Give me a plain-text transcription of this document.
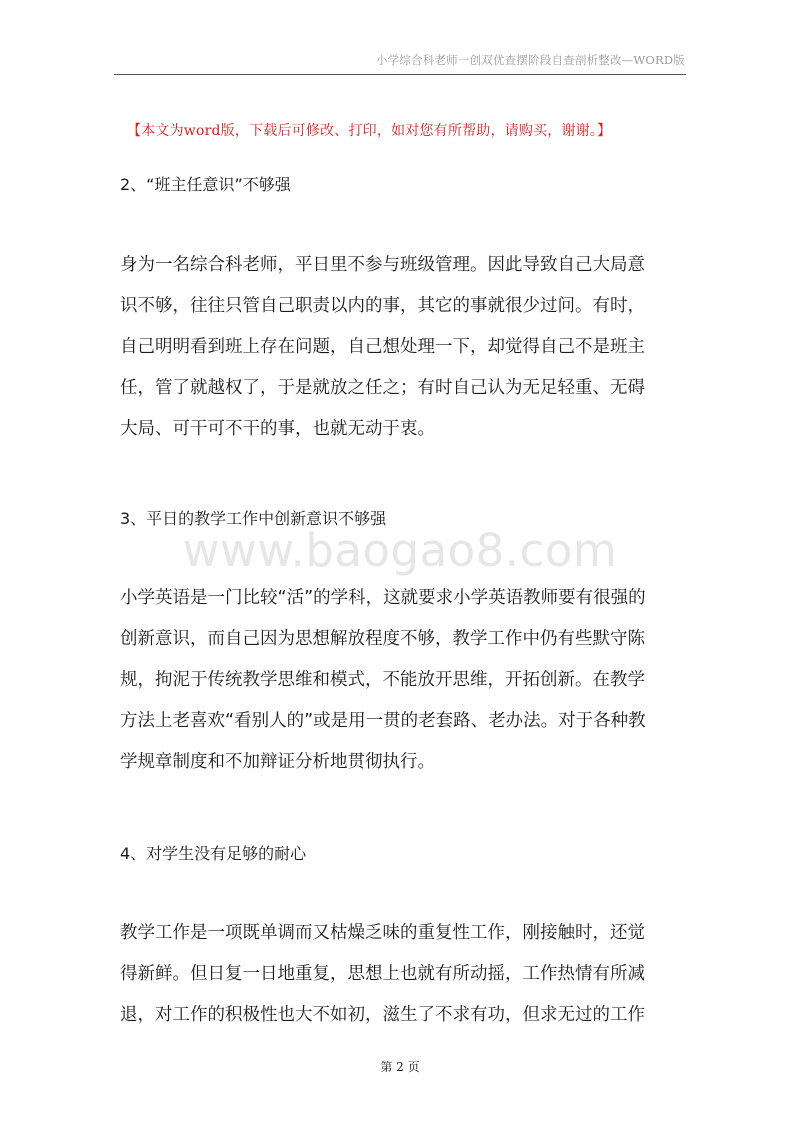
小学综合科老师一创双优查摆阶段自查剖析整改—WORD版
【本文为word版，下载后可修改、打印，如对您有所帮助，请购买，谢谢。】
2、“班主任意识”不够强
身为一名综合科老师，平日里不参与班级管理。因此导致自己大局意
识不够，往往只管自己职责以内的事，其它的事就很少过问。有时，
自己明明看到班上存在问题，自己想处理一下，却觉得自己不是班主
任，管了就越权了，于是就放之任之；有时自己认为无足轻重、无碍
大局、可干可不干的事，也就无动于衷。
3、平日的教学工作中创新意识不够强
www.baogao8.com
小学英语是一门比较“活”的学科，这就要求小学英语教师要有很强的
创新意识，而自己因为思想解放程度不够，教学工作中仍有些默守陈
规，拘泥于传统教学思维和模式，不能放开思维，开拓创新。在教学
方法上老喜欢“看别人的”或是用一贯的老套路、老办法。对于各种教
学规章制度和不加辩证分析地贯彻执行。
4、对学生没有足够的耐心
教学工作是一项既单调而又枯燥乏味的重复性工作，刚接触时，还觉
得新鲜。但日复一日地重复，思想上也就有所动摇，工作热情有所减
退，对工作的积极性也大不如初，滋生了不求有功，但求无过的工作
第 2 页
